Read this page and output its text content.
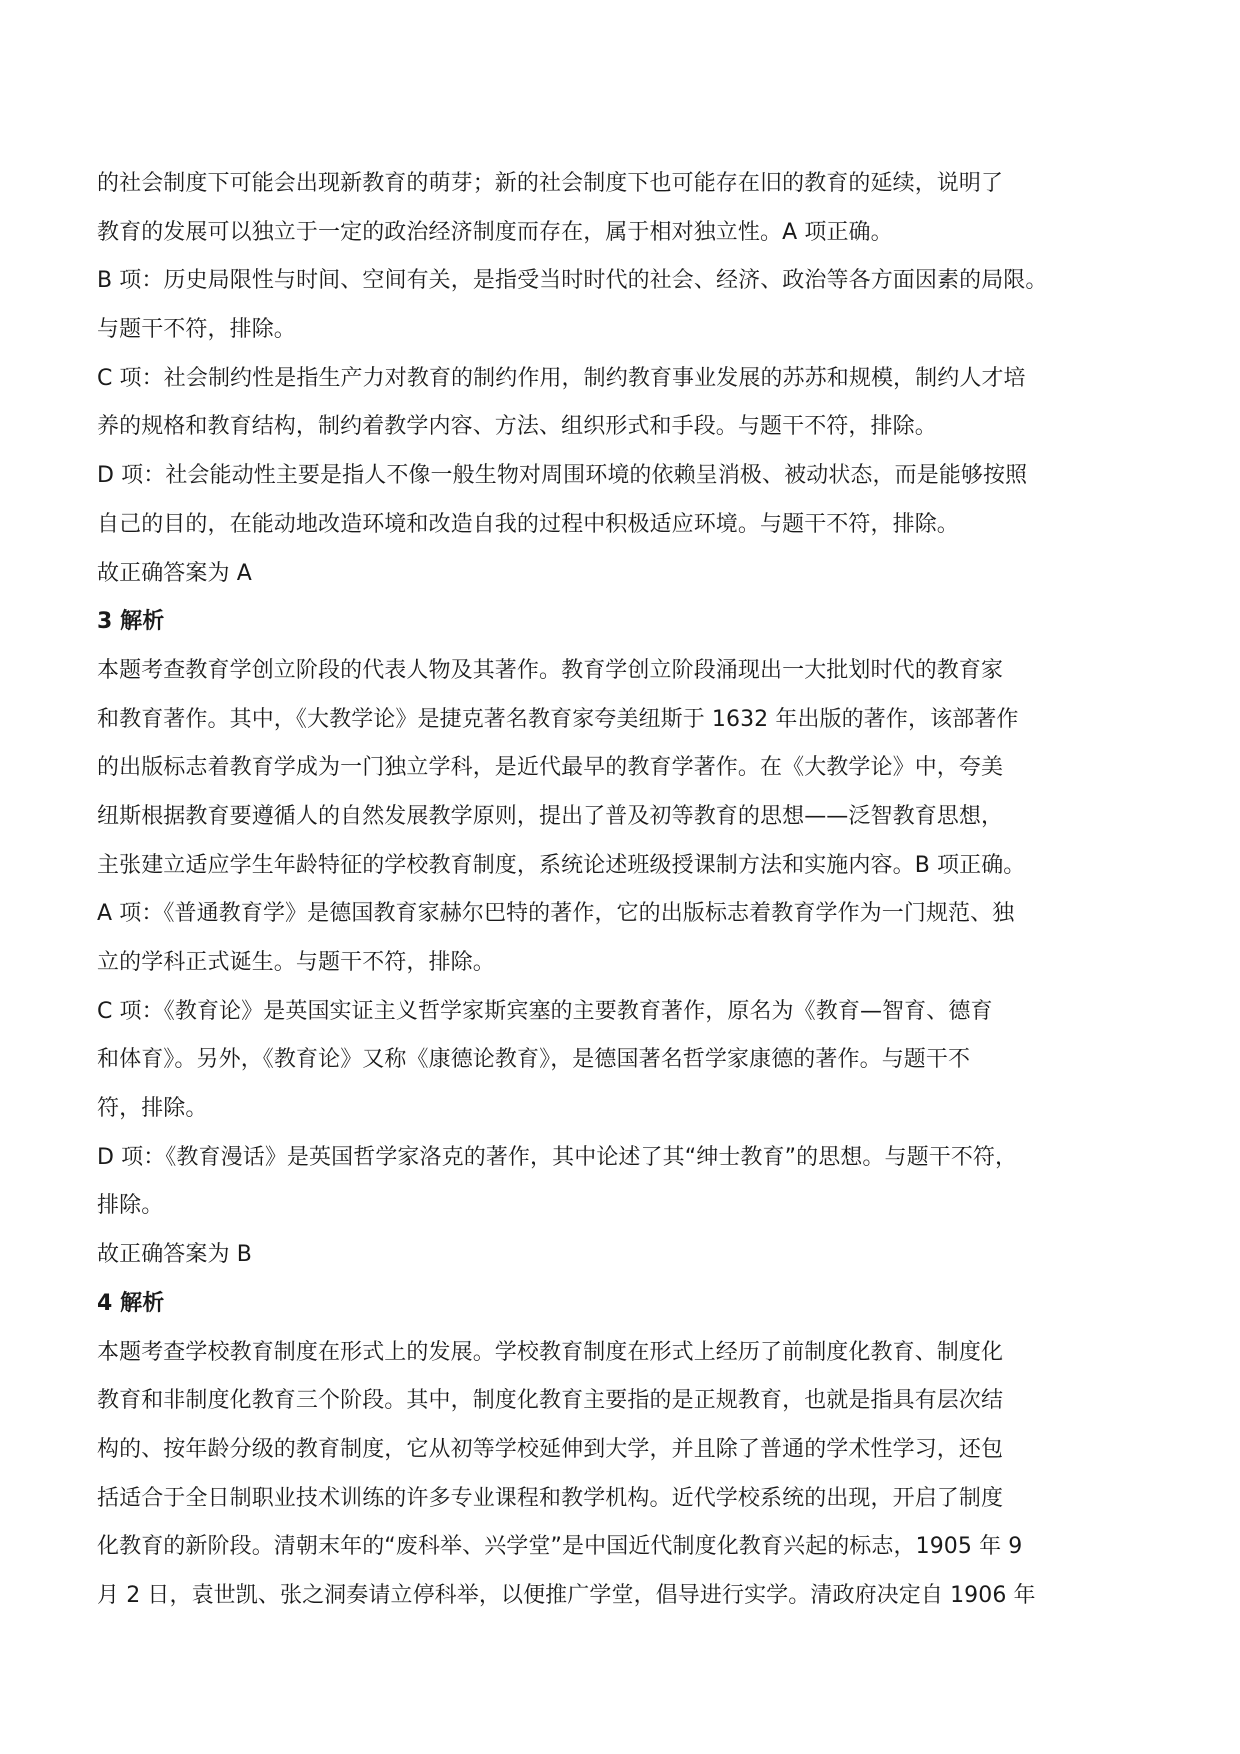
的社会制度下可能会出现新教育的萌芽；新的社会制度下也可能存在旧的教育的延续，说明了
教育的发展可以独立于一定的政治经济制度而存在，属于相对独立性。A 项正确。
B 项：历史局限性与时间、空间有关，是指受当时时代的社会、经济、政治等各方面因素的局限。
与题干不符，排除。
C 项：社会制约性是指生产力对教育的制约作用，制约教育事业发展的苏苏和规模，制约人才培
养的规格和教育结构，制约着教学内容、方法、组织形式和手段。与题干不符，排除。
D 项：社会能动性主要是指人不像一般生物对周围环境的依赖呈消极、被动状态，而是能够按照
自己的目的，在能动地改造环境和改造自我的过程中积极适应环境。与题干不符，排除。
故正确答案为 A
3 解析
本题考查教育学创立阶段的代表人物及其著作。教育学创立阶段涌现出一大批划时代的教育家
和教育著作。其中，《大教学论》是捷克著名教育家夸美纽斯于 1632 年出版的著作，该部著作
的出版标志着教育学成为一门独立学科，是近代最早的教育学著作。在《大教学论》中，夸美
纽斯根据教育要遵循人的自然发展教学原则，提出了普及初等教育的思想——泛智教育思想，
主张建立适应学生年龄特征的学校教育制度，系统论述班级授课制方法和实施内容。B 项正确。
A 项：《普通教育学》是德国教育家赫尔巴特的著作，它的出版标志着教育学作为一门规范、独
立的学科正式诞生。与题干不符，排除。
C 项：《教育论》是英国实证主义哲学家斯宾塞的主要教育著作，原名为《教育—智育、德育
和体育》。另外，《教育论》又称《康德论教育》，是德国著名哲学家康德的著作。与题干不
符，排除。
D 项：《教育漫话》是英国哲学家洛克的著作，其中论述了其“绅士教育”的思想。与题干不符，
排除。
故正确答案为 B
4 解析
本题考查学校教育制度在形式上的发展。学校教育制度在形式上经历了前制度化教育、制度化
教育和非制度化教育三个阶段。其中，制度化教育主要指的是正规教育，也就是指具有层次结
构的、按年龄分级的教育制度，它从初等学校延伸到大学，并且除了普通的学术性学习，还包
括适合于全日制职业技术训练的许多专业课程和教学机构。近代学校系统的出现，开启了制度
化教育的新阶段。清朝末年的“废科举、兴学堂”是中国近代制度化教育兴起的标志，1905 年 9
月 2 日，袁世凯、张之洞奏请立停科举，以便推广学堂，倡导进行实学。清政府决定自 1906 年
